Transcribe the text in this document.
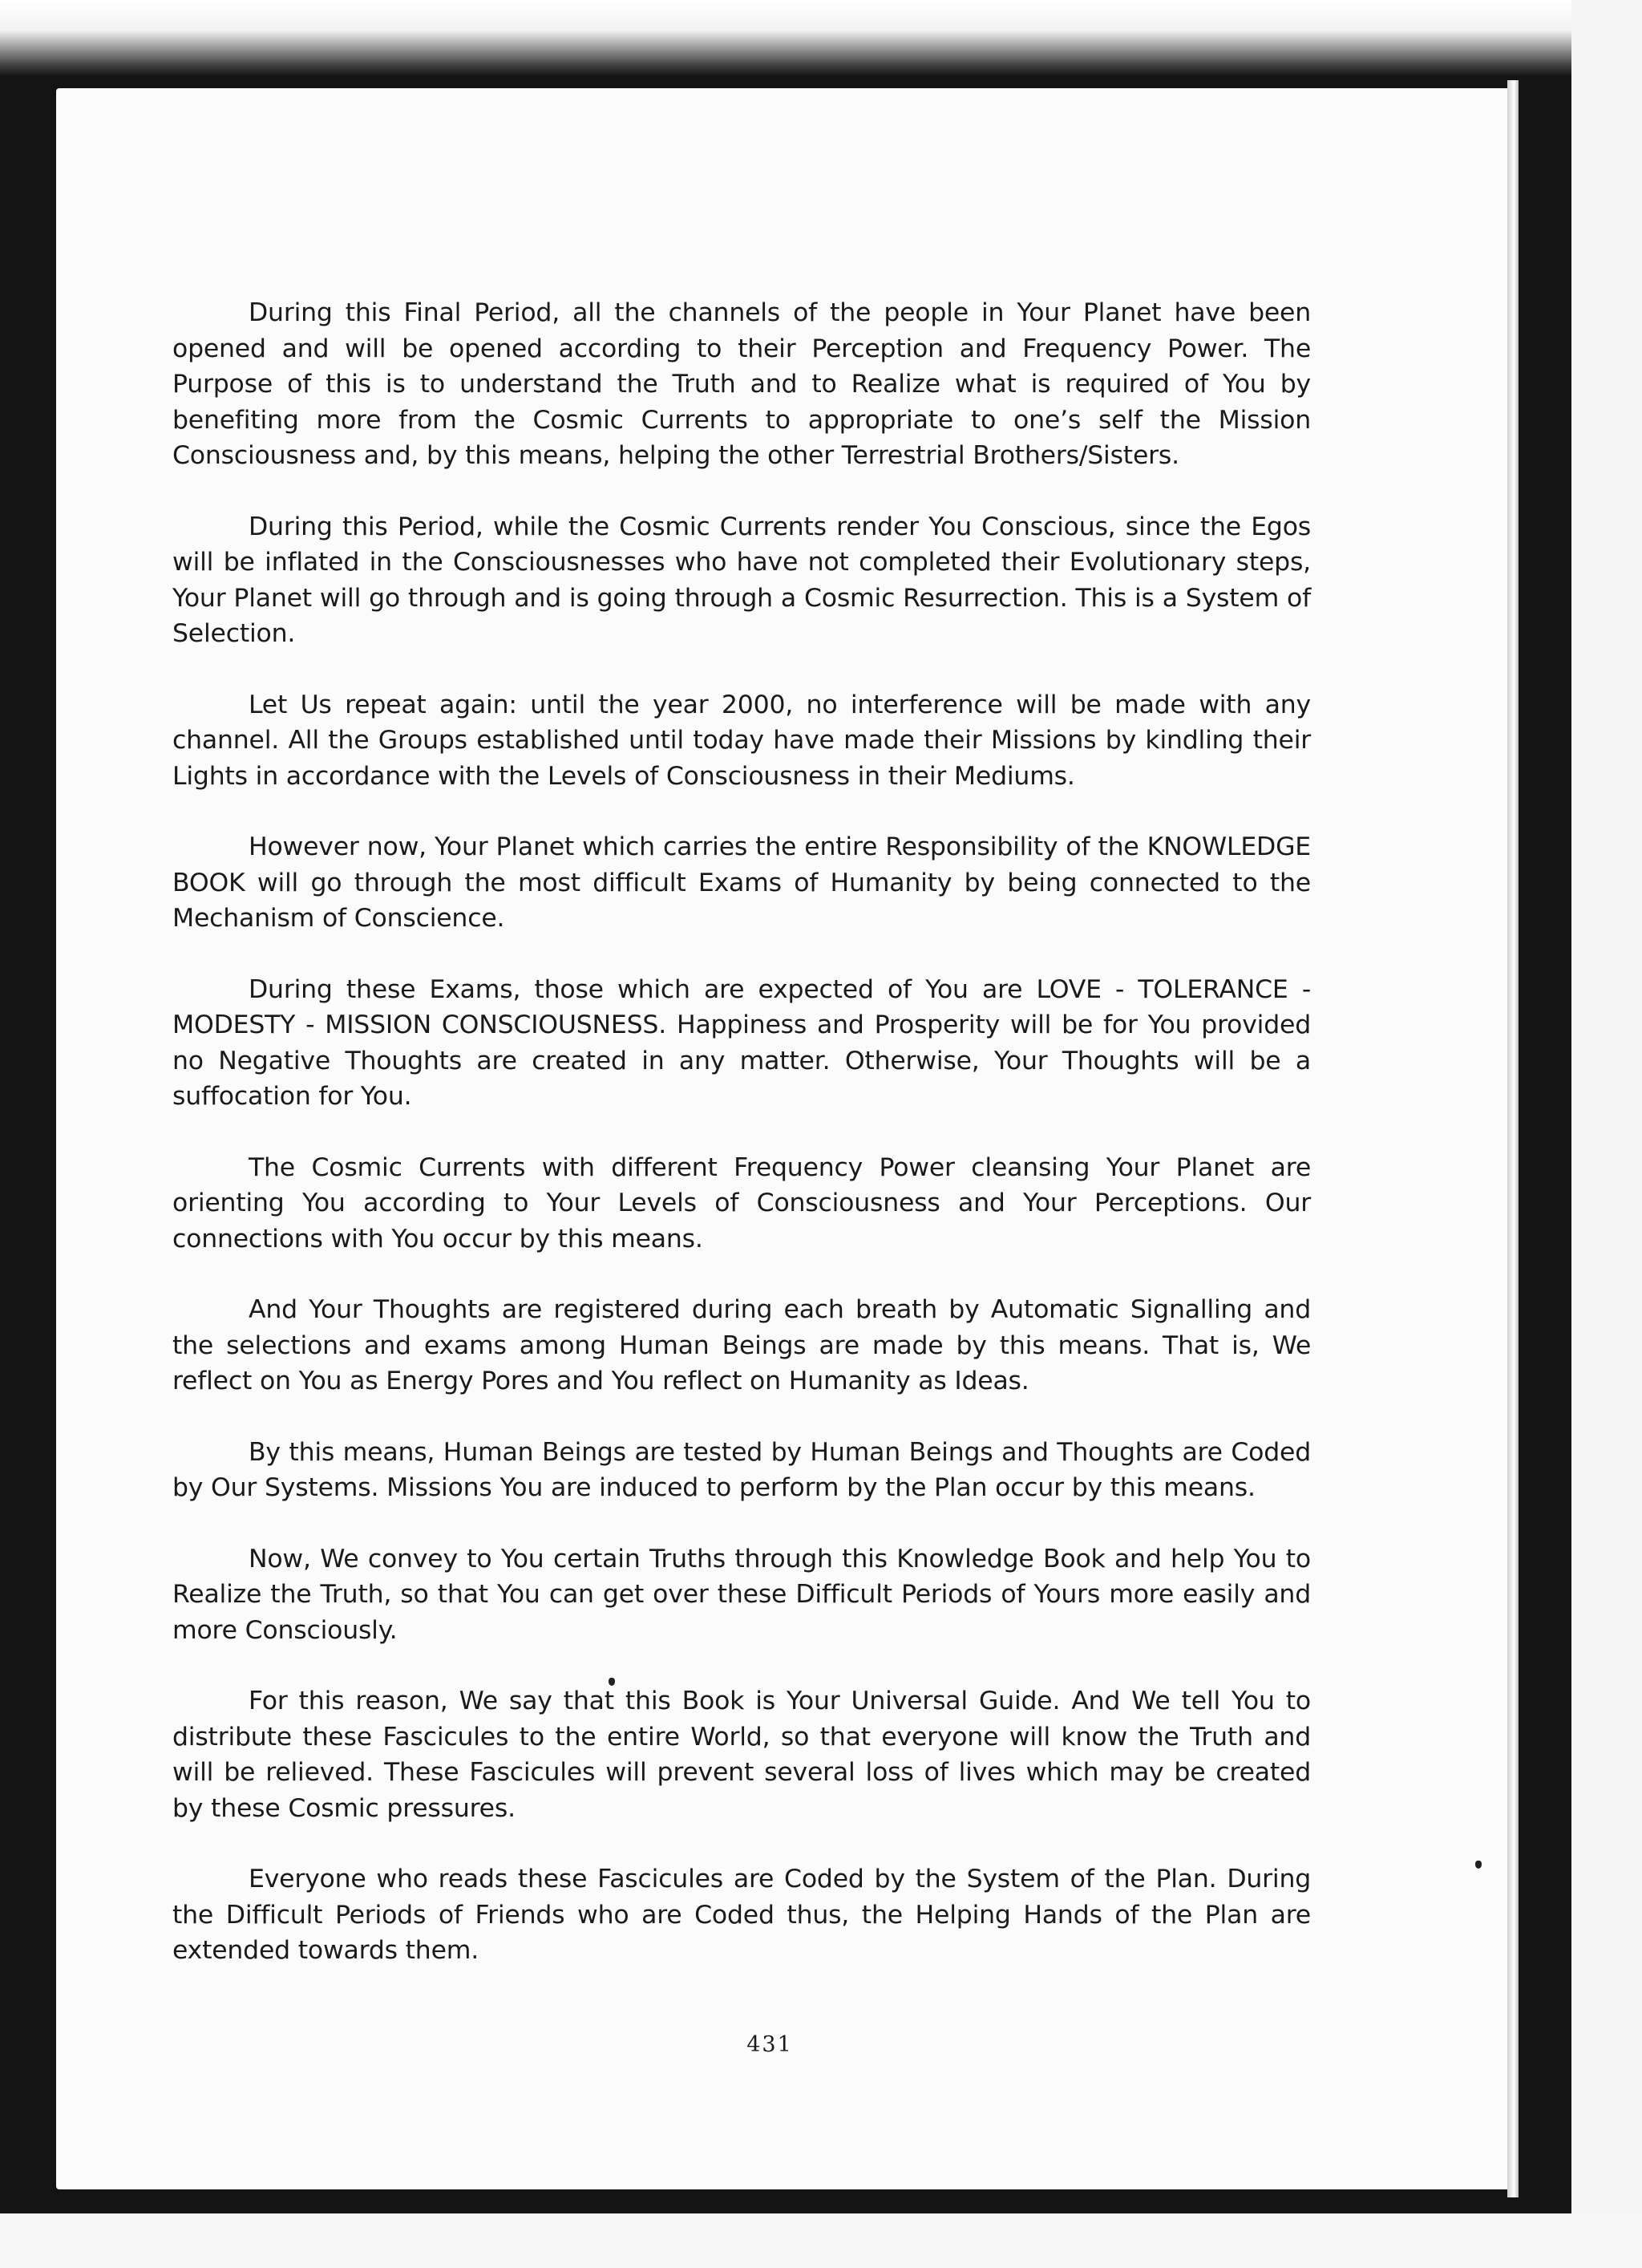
During this Final Period, all the channels of the people in Your Planet have been opened and will be opened according to their Perception and Frequency Power. The Purpose of this is to understand the Truth and to Realize what is required of You by benefiting more from the Cosmic Currents to appropriate to one’s self the Mission Consciousness and, by this means, helping the other Terrestrial Brothers/Sisters.

During this Period, while the Cosmic Currents render You Conscious, since the Egos will be inflated in the Consciousnesses who have not completed their Evolutionary steps, Your Planet will go through and is going through a Cosmic Resurrection. This is a System of Selection.

Let Us repeat again: until the year 2000, no interference will be made with any channel. All the Groups established until today have made their Missions by kindling their Lights in accordance with the Levels of Consciousness in their Mediums.

However now, Your Planet which carries the entire Responsibility of the KNOWLEDGE BOOK will go through the most difficult Exams of Humanity by being connected to the Mechanism of Conscience.

During these Exams, those which are expected of You are LOVE - TOLERANCE - MODESTY - MISSION CONSCIOUSNESS. Happiness and Prosperity will be for You provided no Negative Thoughts are created in any matter. Otherwise, Your Thoughts will be a suffocation for You.

The Cosmic Currents with different Frequency Power cleansing Your Planet are orienting You according to Your Levels of Consciousness and Your Perceptions. Our connections with You occur by this means.

And Your Thoughts are registered during each breath by Automatic Signalling and the selections and exams among Human Beings are made by this means. That is, We reflect on You as Energy Pores and You reflect on Humanity as Ideas.

By this means, Human Beings are tested by Human Beings and Thoughts are Coded by Our Systems. Missions You are induced to perform by the Plan occur by this means.

Now, We convey to You certain Truths through this Knowledge Book and help You to Realize the Truth, so that You can get over these Difficult Periods of Yours more easily and more Consciously.

For this reason, We say that this Book is Your Universal Guide. And We tell You to distribute these Fascicules to the entire World, so that everyone will know the Truth and will be relieved. These Fascicules will prevent several loss of lives which may be created by these Cosmic pressures.

Everyone who reads these Fascicules are Coded by the System of the Plan. During the Difficult Periods of Friends who are Coded thus, the Helping Hands of the Plan are extended towards them.

431
